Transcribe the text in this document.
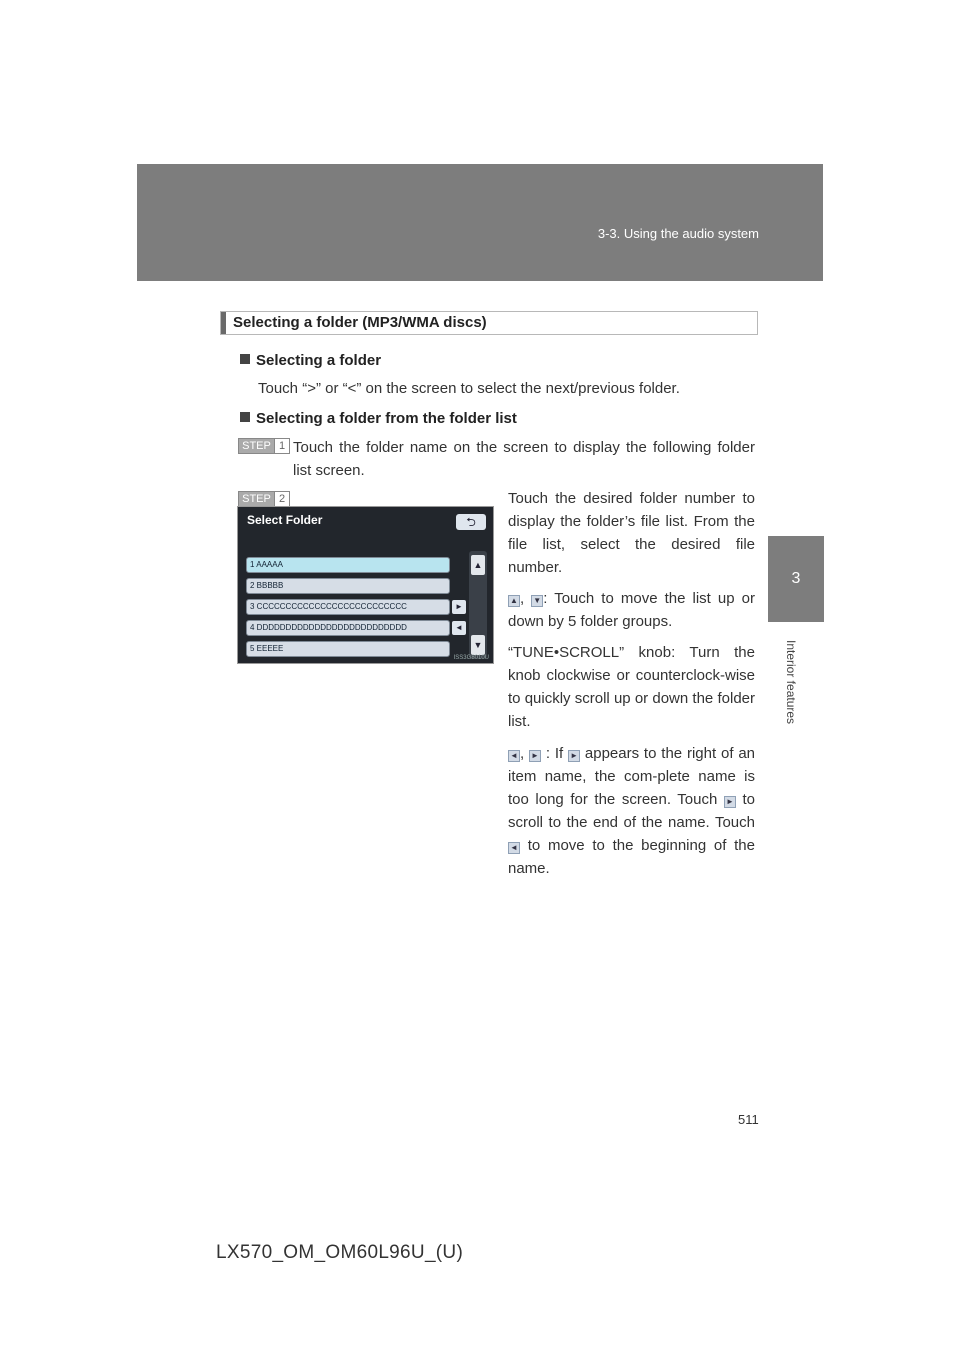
3-3. Using the audio system
3
Interior features
Selecting a folder (MP3/WMA discs)
Selecting a folder
Touch “>” or “<” on the screen to select the next/previous folder.
Selecting a folder from the folder list
STEP 1 Touch the folder name on the screen to display the following folder list screen.
STEP 2
Select Folder	⮌
1 AAAAA
2 BBBBB
3 CCCCCCCCCCCCCCCCCCCCCCCCCC	►
4 DDDDDDDDDDDDDDDDDDDDDDDDDD	◄
5 EEEEE
▲
▼
ISS3G8010U
Touch the desired folder number to display the folder’s file list. From the file list, select the desired file number.
▲ , ▼ : Touch to move the list up or down by 5 folder groups.
“TUNE•SCROLL” knob: Turn the knob clockwise or counterclock-wise to quickly scroll up or down the folder list.
◄ , ► : If ► appears to the right of an item name, the com-plete name is too long for the screen. Touch ► to scroll to the end of the name. Touch ◄ to move to the beginning of the name.
511
LX570_OM_OM60L96U_(U)
